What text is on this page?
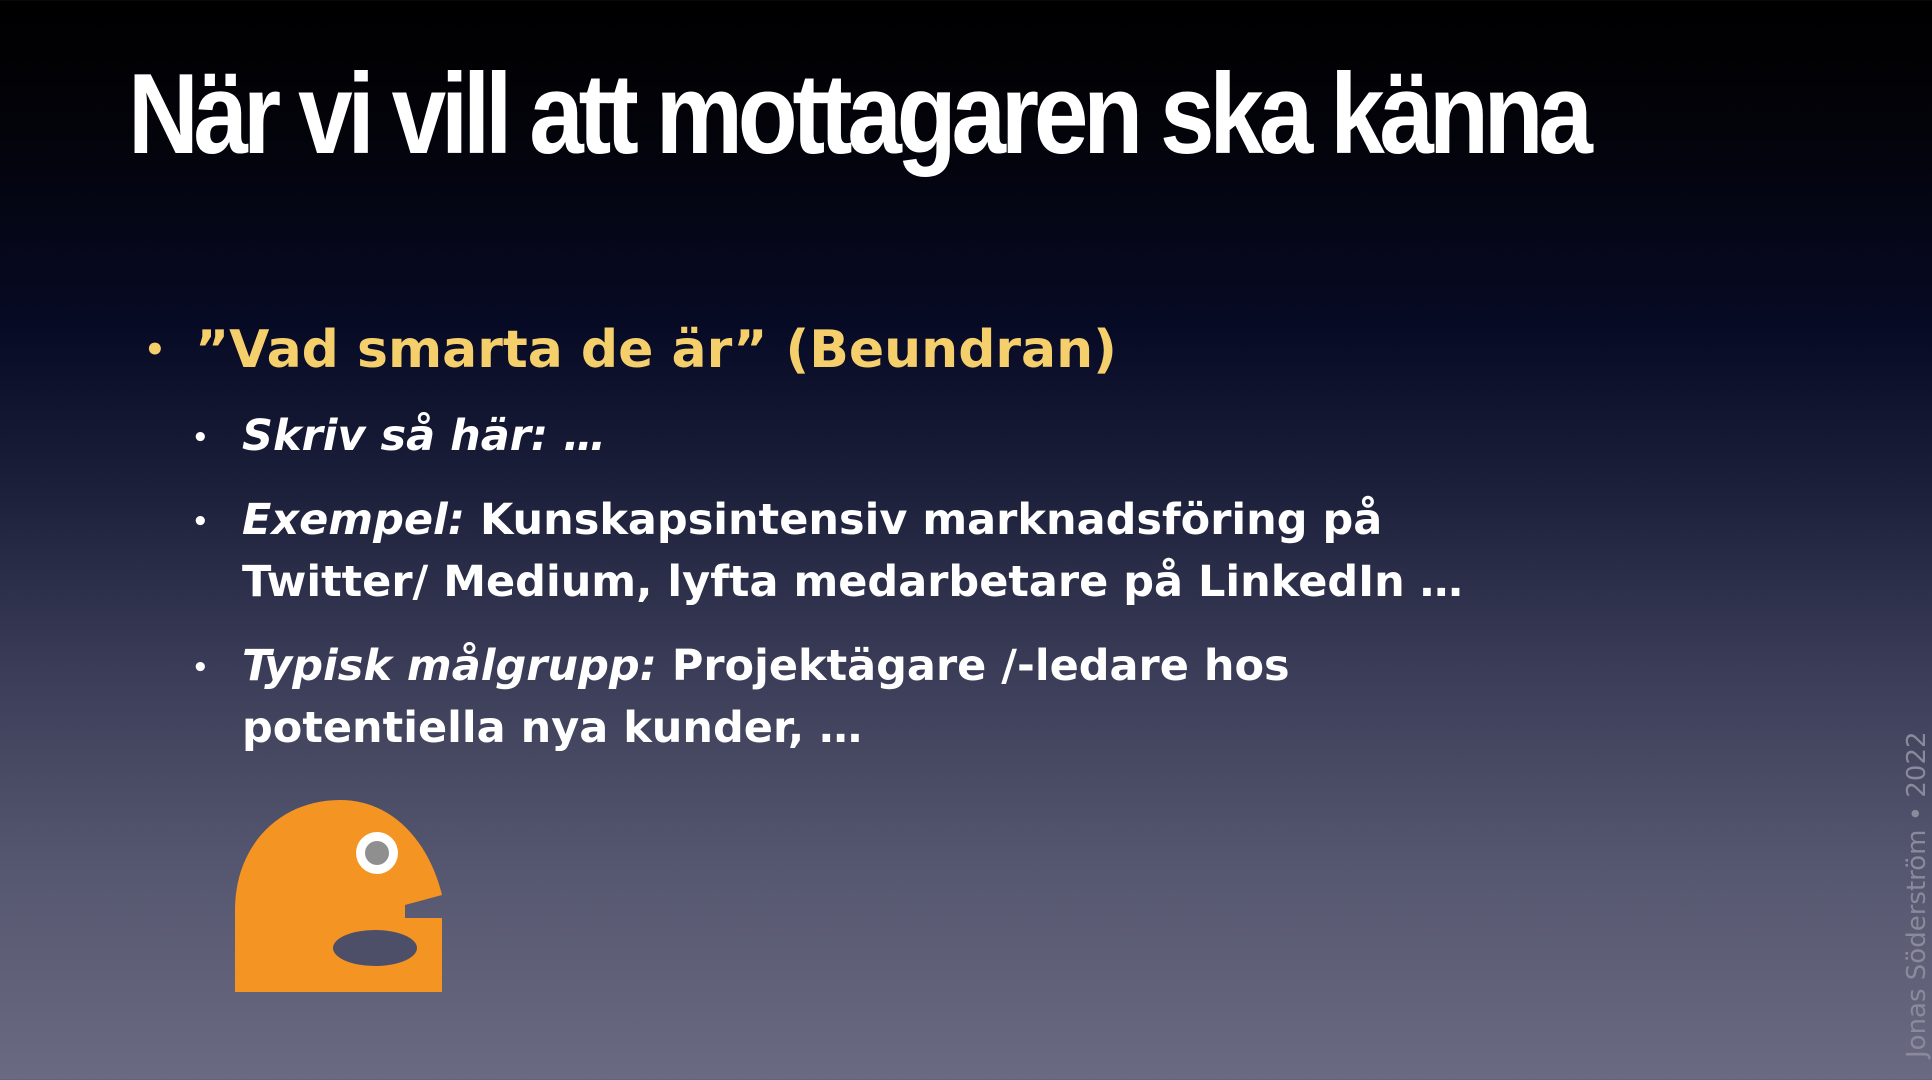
När vi vill att mottagaren ska känna
• ”Vad smarta de är” (Beundran)
• Skriv så här: …
• Exempel: Kunskapsintensiv marknadsföring på Twitter/ Medium, lyfta medarbetare på LinkedIn …
• Typisk målgrupp: Projektägare /-ledare hos potentiella nya kunder, …
Jonas Söderström • 2022
